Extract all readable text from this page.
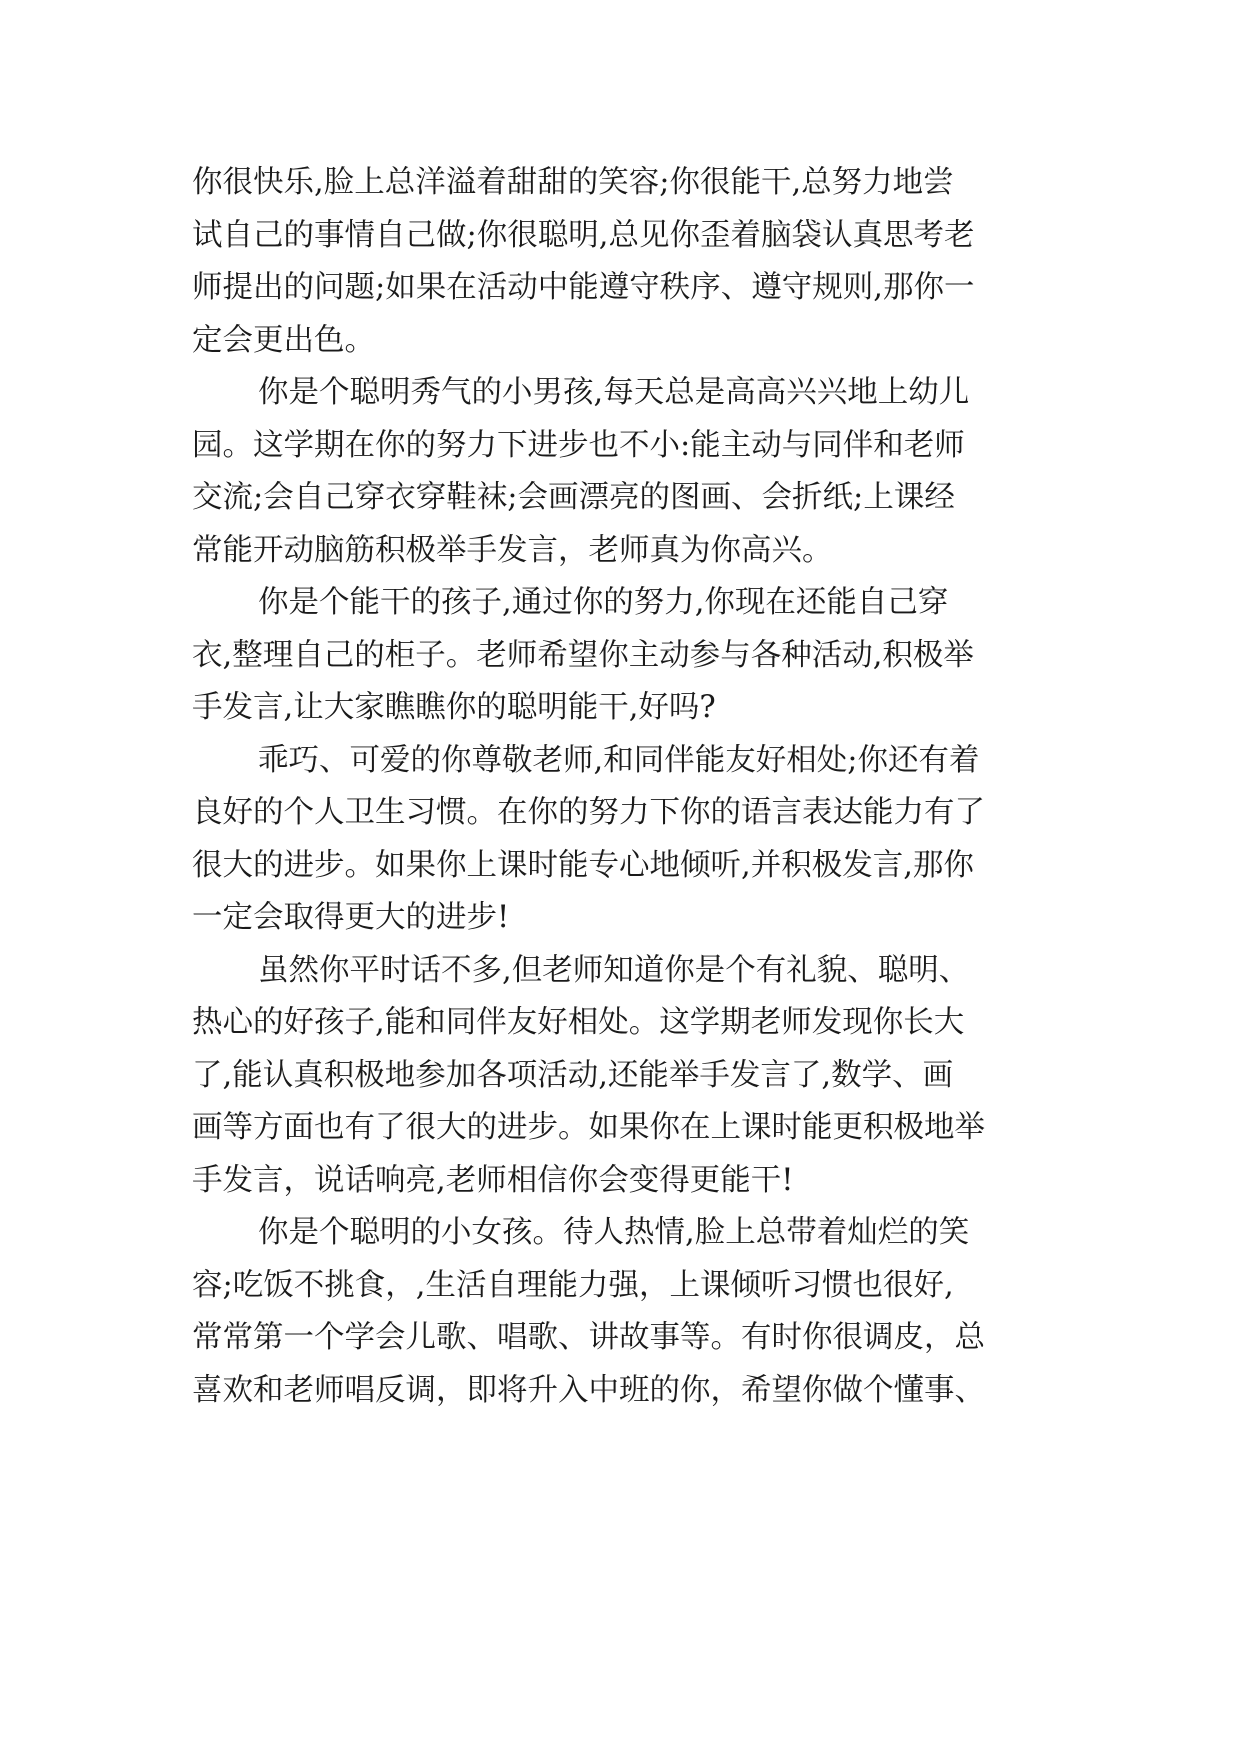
你很快乐,脸上总洋溢着甜甜的笑容;你很能干,总努力地尝
试自己的事情自己做;你很聪明,总见你歪着脑袋认真思考老
师提出的问题;如果在活动中能遵守秩序、遵守规则,那你一
定会更出色。
你是个聪明秀气的小男孩,每天总是高高兴兴地上幼儿
园。这学期在你的努力下进步也不小:能主动与同伴和老师
交流;会自己穿衣穿鞋袜;会画漂亮的图画、会折纸;上课经
常能开动脑筋积极举手发言，老师真为你高兴。
你是个能干的孩子,通过你的努力,你现在还能自己穿
衣,整理自己的柜子。老师希望你主动参与各种活动,积极举
手发言,让大家瞧瞧你的聪明能干,好吗?
乖巧、可爱的你尊敬老师,和同伴能友好相处;你还有着
良好的个人卫生习惯。在你的努力下你的语言表达能力有了
很大的进步。如果你上课时能专心地倾听,并积极发言,那你
一定会取得更大的进步!
虽然你平时话不多,但老师知道你是个有礼貌、聪明、
热心的好孩子,能和同伴友好相处。这学期老师发现你长大
了,能认真积极地参加各项活动,还能举手发言了,数学、画
画等方面也有了很大的进步。如果你在上课时能更积极地举
手发言，说话响亮,老师相信你会变得更能干!
你是个聪明的小女孩。待人热情,脸上总带着灿烂的笑
容;吃饭不挑食，,生活自理能力强，上课倾听习惯也很好,
常常第一个学会儿歌、唱歌、讲故事等。有时你很调皮，总
喜欢和老师唱反调，即将升入中班的你，希望你做个懂事、
